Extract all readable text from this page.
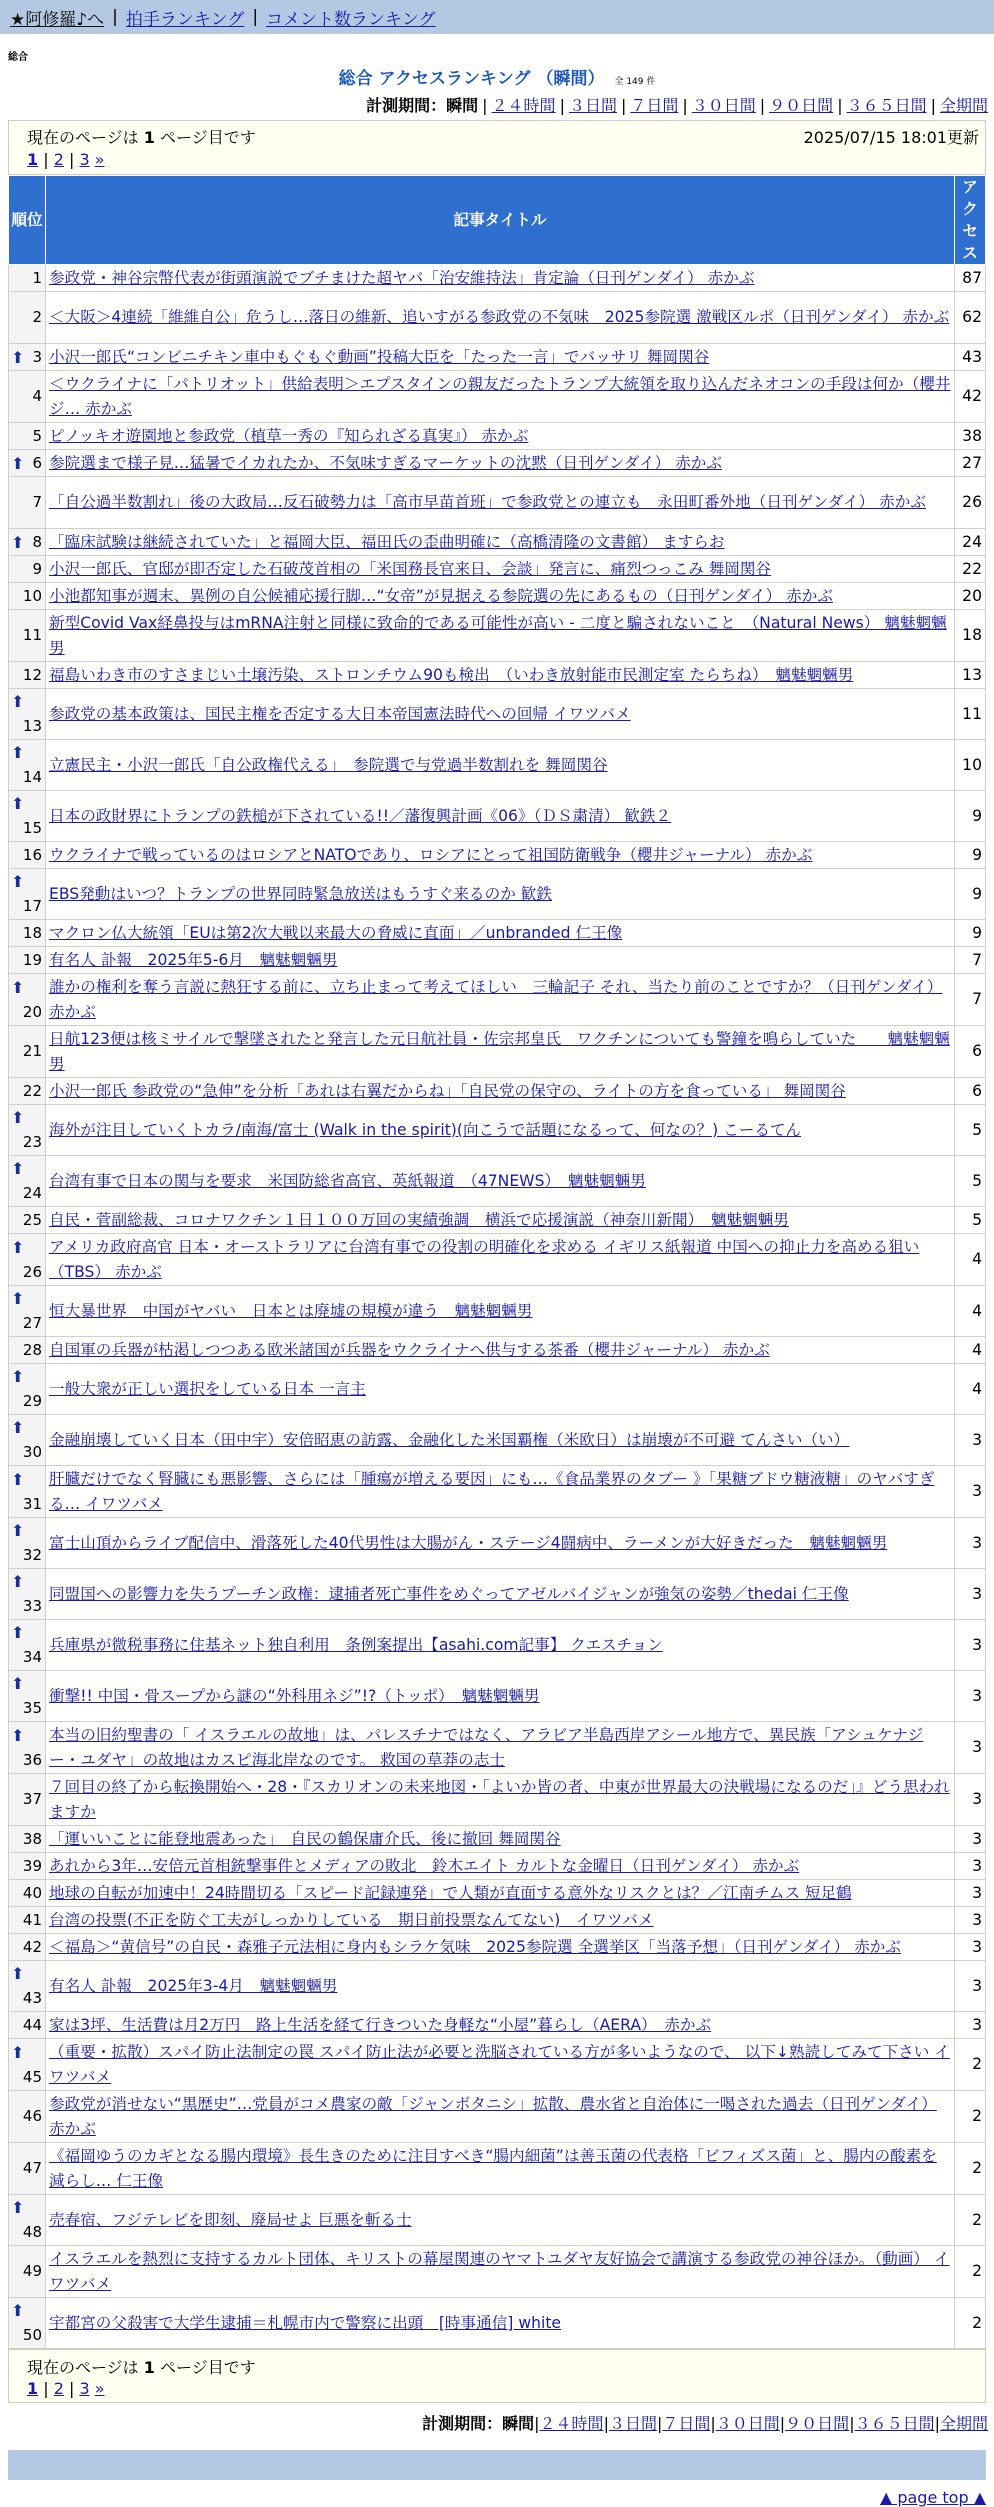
★阿修羅♪へ | 拍手ランキング | コメント数ランキング
総合
総合 アクセスランキング （瞬間） 全 149 件
計測期間：瞬間 | ２４時間 | ３日間 | ７日間 | ３０日間 | ９０日間 | ３６５日間 | 全期間
現在のページは 1 ページ目です	2025/07/15 18:01更新
1 | 2 | 3 »
順位	記事タイトル	アクセス
1	参政党・神谷宗幣代表が街頭演説でブチまけた超ヤバ「治安維持法」肯定論（日刊ゲンダイ） 赤かぶ	87
2	＜大阪＞4連続「維維自公」危うし…落日の維新、追いすがる参政党の不気味　2025参院選 激戦区ルポ（日刊ゲンダイ） 赤かぶ	62

⬆ 3	小沢一郎氏“コンビニチキン車中もぐもぐ動画”投稿大臣を「たった一言」でバッサリ 舞岡関谷	43
4	＜ウクライナに「パトリオット」供給表明＞エプスタインの親友だったトランプ大統領を取り込んだネオコンの手段は何か（櫻井ジ… 赤かぶ	42
5	ピノッキオ遊園地と参政党（植草一秀の『知られざる真実』） 赤かぶ	38

⬆ 6	参院選まで様子見…猛暑でイカれたか、不気味すぎるマーケットの沈黙（日刊ゲンダイ） 赤かぶ	27
7	「自公過半数割れ」後の大政局…反石破勢力は「高市早苗首班」で参政党との連立も　永田町番外地（日刊ゲンダイ） 赤かぶ	26

⬆ 8	「臨床試験は継続されていた」と福岡大臣、福田氏の歪曲明確に（高橋清隆の文書館） ますらお	24
9	小沢一郎氏、官邸が即否定した石破茂首相の「米国務長官来日、会談」発言に、痛烈つっこみ 舞岡関谷	22
10	小池都知事が週末、異例の自公候補応援行脚…“女帝”が見据える参院選の先にあるもの（日刊ゲンダイ） 赤かぶ	20
11	新型Covid Vax経鼻投与はmRNA注射と同様に致命的である可能性が高い - 二度と騙されないこと　（Natural News） 魑魅魍魎男	18
12	福島いわき市のすさまじい土壌汚染、ストロンチウム90も検出　（いわき放射能市民測定室 たらちね）　魑魅魍魎男	13

⬆
13	参政党の基本政策は、国民主権を否定する大日本帝国憲法時代への回帰 イワツバメ	11

⬆
14	立憲民主・小沢一郎氏「自公政権代える」　参院選で与党過半数割れを 舞岡関谷	10

⬆
15	日本の政財界にトランプの鉄槌が下されている!!／藩復興計画《06》（ＤＳ粛清） 歓鉄２	9
16	ウクライナで戦っているのはロシアとNATOであり、ロシアにとって祖国防衛戦争（櫻井ジャーナル） 赤かぶ	9

⬆
17	EBS発動はいつ？トランプの世界同時緊急放送はもうすぐ来るのか 歓鉄	9
18	マクロン仏大統領「EUは第2次大戦以来最大の脅威に直面」／unbranded 仁王像	9
19	有名人 訃報　2025年5-6月　魑魅魍魎男	7

⬆
20	誰かの権利を奪う言説に熱狂する前に、立ち止まって考えてほしい　三輪記子 それ、当たり前のことですか？（日刊ゲンダイ） 赤かぶ	7
21	日航123便は核ミサイルで撃墜されたと発言した元日航社員・佐宗邦皇氏　ワクチンについても警鐘を鳴らしていた　　魑魅魍魎男	6
22	小沢一郎氏 参政党の“急伸”を分析「あれは右翼だからね」「自民党の保守の、ライトの方を食っている」 舞岡関谷	6

⬆
23	海外が注目していくトカラ/南海/富士 (Walk in the spirit)(向こうで話題になるって、何なの？) こーるてん	5

⬆
24	台湾有事で日本の関与を要求　米国防総省高官、英紙報道　（47NEWS）　魑魅魍魎男	5
25	自民・菅副総裁、コロナワクチン１日１００万回の実績強調　横浜で応援演説（神奈川新聞）　魑魅魍魎男	5

⬆
26	アメリカ政府高官 日本・オーストラリアに台湾有事での役割の明確化を求める イギリス紙報道 中国への抑止力を高める狙い（TBS） 赤かぶ	4

⬆
27	恒大暴世界　中国がヤバい　日本とは廃墟の規模が違う　魑魅魍魎男	4
28	自国軍の兵器が枯渇しつつある欧米諸国が兵器をウクライナへ供与する茶番（櫻井ジャーナル） 赤かぶ	4

⬆
29	一般大衆が正しい選択をしている日本 一言主	4

⬆
30	金融崩壊していく日本（田中宇）安倍昭恵の訪露、金融化した米国覇権（米欧日）は崩壊が不可避 てんさい（い）	3

⬆
31	肝臓だけでなく腎臓にも悪影響、さらには「腫瘍が増える要因」にも…《食品業界のタブー 》「果糖ブドウ糖液糖」のヤバすぎる… イワツバメ	3

⬆
32	富士山頂からライブ配信中、滑落死した40代男性は大腸がん・ステージ4闘病中、ラーメンが大好きだった　魑魅魍魎男	3

⬆
33	同盟国への影響力を失うプーチン政権：逮捕者死亡事件をめぐってアゼルバイジャンが強気の姿勢／thedai 仁王像	3

⬆
34	兵庫県が微税事務に住基ネット独自利用　条例案提出【asahi.com記事】 クエスチョン	3

⬆
35	衝撃!! 中国・骨スープから謎の“外科用ネジ”!?（トッポ）　魑魅魍魎男	3

⬆
36	本当の旧約聖書の「 イスラエルの故地」は、パレスチナではなく、アラビア半島西岸アシール地方で、異民族「アシュケナジー・ユダヤ」の故地はカスピ海北岸なのです。 救国の草莽の志士	3
37	７回目の終了から転換開始へ・28・『スカリオンの未来地図・「よいか皆の者、中東が世界最大の決戦場になるのだ」』どう思われますか	3
38	「運いいことに能登地震あった」　自民の鶴保庸介氏、後に撤回 舞岡関谷	3
39	あれから3年…安倍元首相銃撃事件とメディアの敗北　鈴木エイト カルトな金曜日（日刊ゲンダイ） 赤かぶ	3
40	地球の自転が加速中！24時間切る「スピード記録連発」で人類が直面する意外なリスクとは？／江南チムス 短足鶴	3
41	台湾の投票(不正を防ぐ工夫がしっかりしている　期日前投票なんてない)　イワツバメ	3
42	＜福島＞“黄信号”の自民・森雅子元法相に身内もシラケ気味　2025参院選 全選挙区「当落予想」（日刊ゲンダイ） 赤かぶ	3

⬆
43	有名人 訃報　2025年3-4月　魑魅魍魎男	3
44	家は3坪、生活費は月2万円　路上生活を経て行きついた身軽な“小屋”暮らし（AERA）　赤かぶ	3

⬆
45	（重要・拡散）スパイ防止法制定の罠 スパイ防止法が必要と洗脳されている方が多いようなので、 以下↓熟読してみて下さい イワツバメ	2
46	参政党が消せない“黒歴史”…党員がコメ農家の敵「ジャンボタニシ」拡散、農水省と自治体に一喝された過去（日刊ゲンダイ） 赤かぶ	2
47	《福岡ゆうのカギとなる腸内環境》長生きのために注目すべき“腸内細菌”は善玉菌の代表格「ビフィズス菌」と、腸内の酸素を減らし… 仁王像	2

⬆
48	売春宿、フジテレビを即刻、廃局せよ 巨悪を斬る士	2
49	イスラエルを熱烈に支持するカルト団体、キリストの幕屋関連のヤマトユダヤ友好協会で講演する参政党の神谷ほか。（動画） イワツバメ	2

⬆
50	宇都宮の父殺害で大学生逮捕＝札幌市内で警察に出頭　[時事通信] white	2
現在のページは 1 ページ目です
1 | 2 | 3 »
計測期間：瞬間|２４時間|３日間|７日間|３０日間|９０日間|３６５日間|全期間
▲ page top ▲
